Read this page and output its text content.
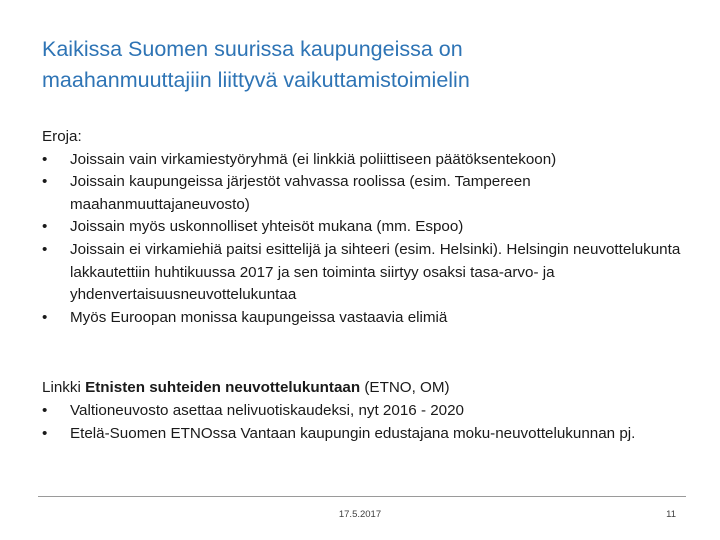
Kaikissa Suomen suurissa kaupungeissa on
maahanmuuttajiin liittyvä vaikuttamistoimielin
Eroja:
•	Joissain vain virkamiestyöryhmä (ei linkkiä poliittiseen päätöksentekoon)
•	Joissain kaupungeissa järjestöt vahvassa roolissa (esim. Tampereen maahanmuuttajaneuvosto)
•	Joissain myös uskonnolliset yhteisöt mukana (mm. Espoo)
•	Joissain ei virkamiehiä paitsi esittelijä ja sihteeri (esim. Helsinki). Helsingin neuvottelukunta lakkautettiin huhtikuussa 2017 ja sen toiminta siirtyy osaksi tasa-arvo- ja yhdenvertaisuusneuvottelukuntaa
•	Myös Euroopan monissa kaupungeissa vastaavia elimiä
Linkki Etnisten suhteiden neuvottelukuntaan (ETNO, OM)
•	Valtioneuvosto asettaa nelivuotiskaudeksi, nyt 2016 - 2020
•	Etelä-Suomen ETNOssa Vantaan kaupungin edustajana moku-neuvottelukunnan pj.
17.5.2017	11
